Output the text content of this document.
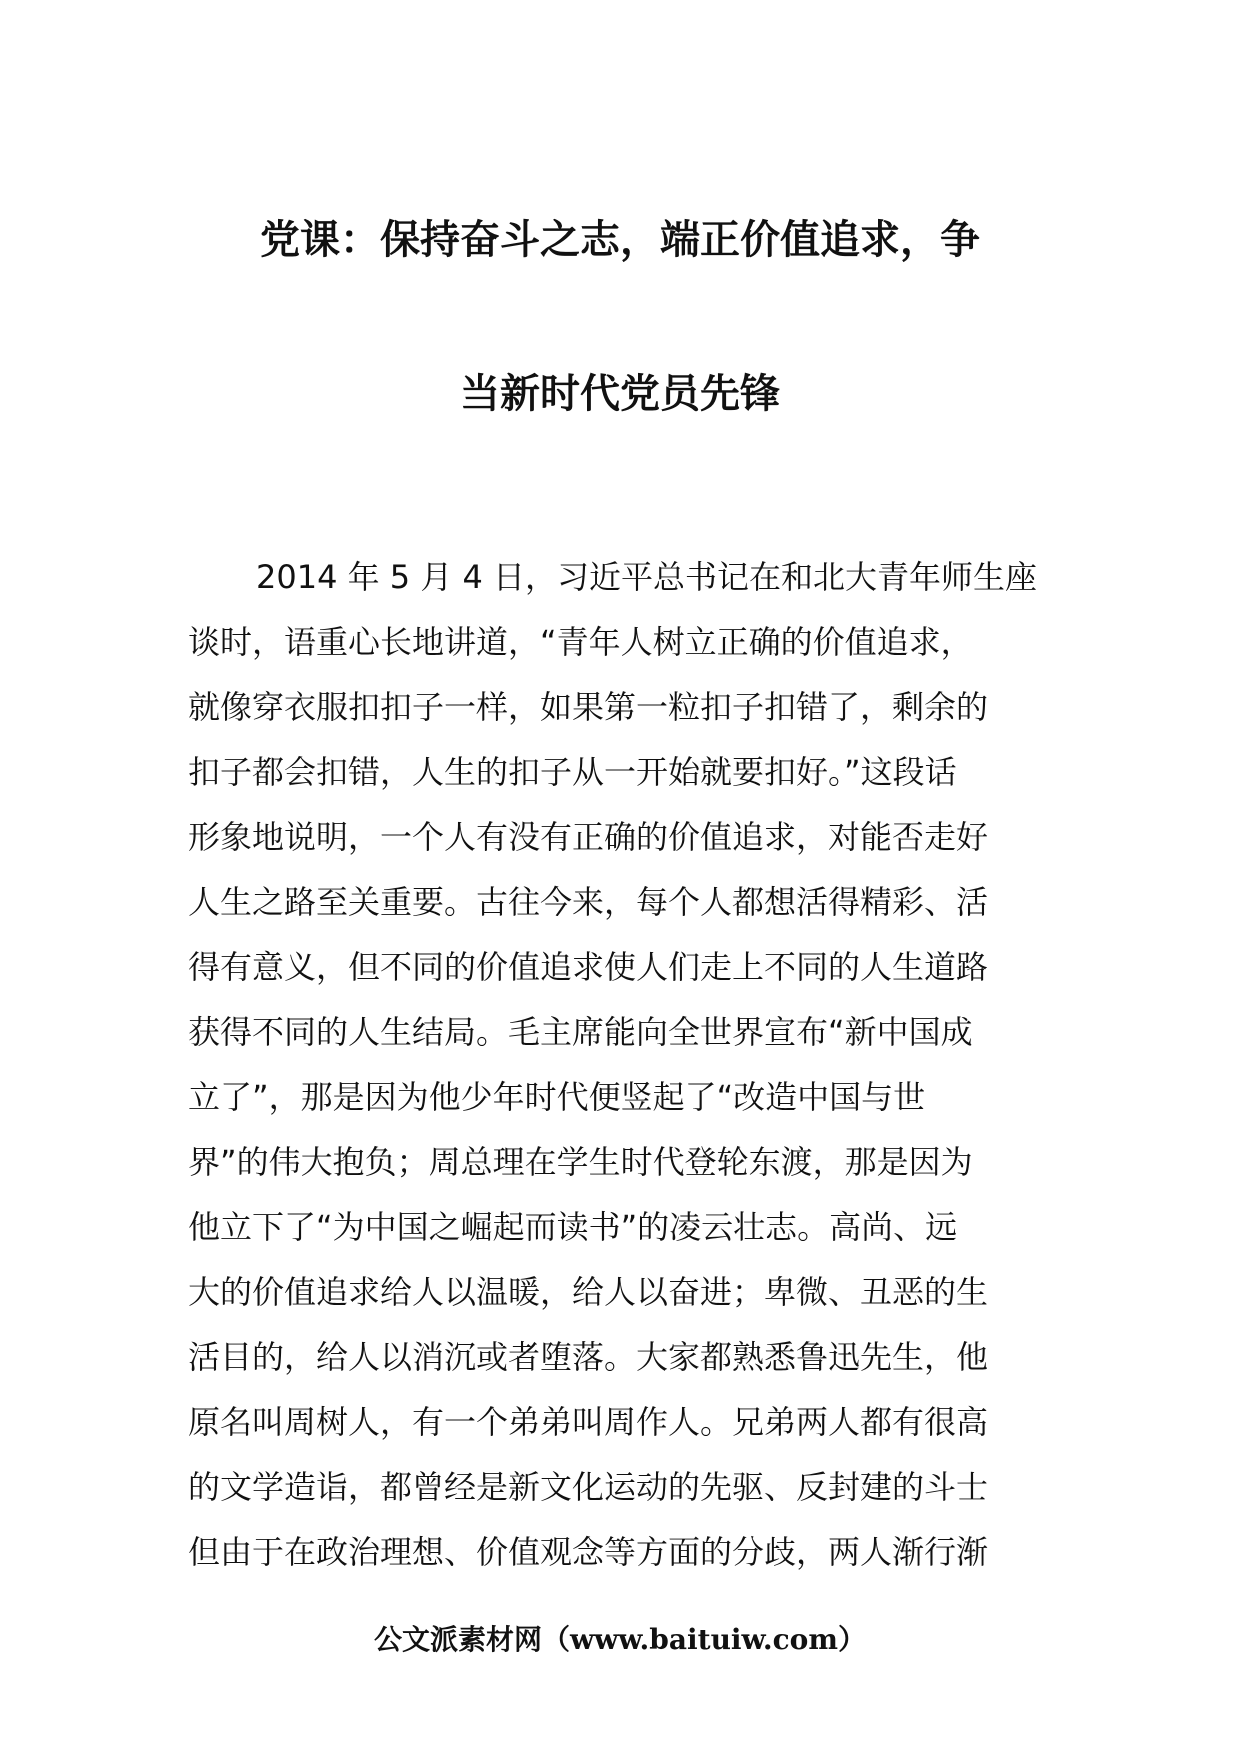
党课：保持奋斗之志，端正价值追求，争
当新时代党员先锋
2014 年 5 月 4 日，习近平总书记在和北大青年师生座
谈时，语重心长地讲道，“青年人树立正确的价值追求，
就像穿衣服扣扣子一样，如果第一粒扣子扣错了，剩余的
扣子都会扣错，人生的扣子从一开始就要扣好。”这段话
形象地说明，一个人有没有正确的价值追求，对能否走好
人生之路至关重要。古往今来，每个人都想活得精彩、活
得有意义，但不同的价值追求使人们走上不同的人生道路
获得不同的人生结局。毛主席能向全世界宣布“新中国成
立了”，那是因为他少年时代便竖起了“改造中国与世
界”的伟大抱负；周总理在学生时代登轮东渡，那是因为
他立下了“为中国之崛起而读书”的凌云壮志。高尚、远
大的价值追求给人以温暖，给人以奋进；卑微、丑恶的生
活目的，给人以消沉或者堕落。大家都熟悉鲁迅先生，他
原名叫周树人，有一个弟弟叫周作人。兄弟两人都有很高
的文学造诣，都曾经是新文化运动的先驱、反封建的斗士
但由于在政治理想、价值观念等方面的分歧，两人渐行渐
公文派素材网（www.baituiw.com）
